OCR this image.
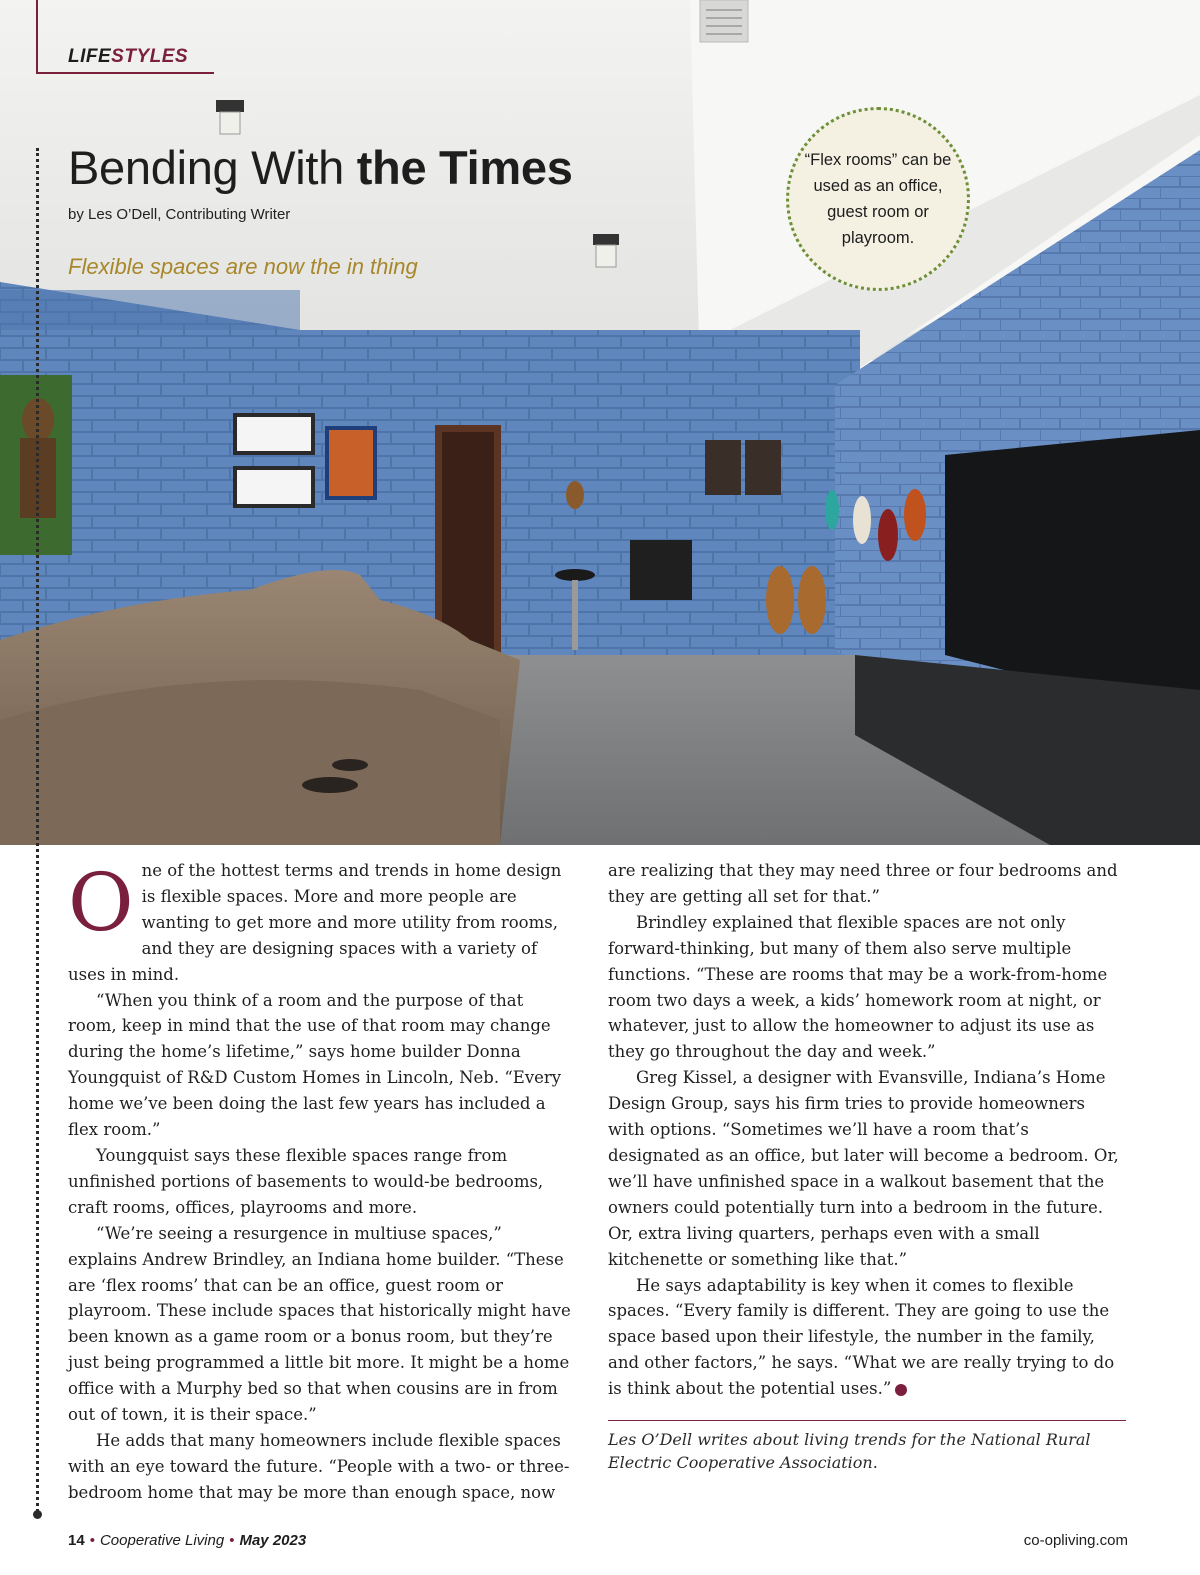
LIFESTYLES
Bending With the Times
by Les O’Dell, Contributing Writer
Flexible spaces are now the in thing
“Flex rooms” can be used as an office, guest room or playroom.

One of the hottest terms and trends in home design is flexible spaces. More and more people are wanting to get more and more utility from rooms, and they are designing spaces with a variety of uses in mind.

“When you think of a room and the purpose of that room, keep in mind that the use of that room may change during the home’s lifetime,” says home builder Donna Youngquist of R&D Custom Homes in Lincoln, Neb. “Every home we’ve been doing the last few years has included a flex room.”

Youngquist says these flexible spaces range from unfinished portions of basements to would-be bedrooms, craft rooms, offices, playrooms and more.

“We’re seeing a resurgence in multiuse spaces,” explains Andrew Brindley, an Indiana home builder. “These are ‘flex rooms’ that can be an office, guest room or playroom. These include spaces that historically might have been known as a game room or a bonus room, but they’re just being programmed a little bit more. It might be a home office with a Murphy bed so that when cousins are in from out of town, it is their space.”

He adds that many homeowners include flexible spaces with an eye toward the future. “People with a two- or three-bedroom home that may be more than enough space, now

are realizing that they may need three or four bedrooms and they are getting all set for that.”

Brindley explained that flexible spaces are not only forward-thinking, but many of them also serve multiple functions. “These are rooms that may be a work-from-home room two days a week, a kids’ homework room at night, or whatever, just to allow the homeowner to adjust its use as they go throughout the day and week.”

Greg Kissel, a designer with Evansville, Indiana’s Home Design Group, says his firm tries to provide homeowners with options. “Sometimes we’ll have a room that’s designated as an office, but later will become a bedroom. Or, we’ll have unfinished space in a walkout basement that the owners could potentially turn into a bedroom in the future. Or, extra living quarters, perhaps even with a small kitchenette or something like that.”

He says adaptability is key when it comes to flexible spaces. “Every family is different. They are going to use the space based upon their lifestyle, the number in the family, and other factors,” he says. “What we are really trying to do is think about the potential uses.”

Les O’Dell writes about living trends for the National Rural Electric Cooperative Association.
14 • Cooperative Living • May 2023	co-opliving.com
